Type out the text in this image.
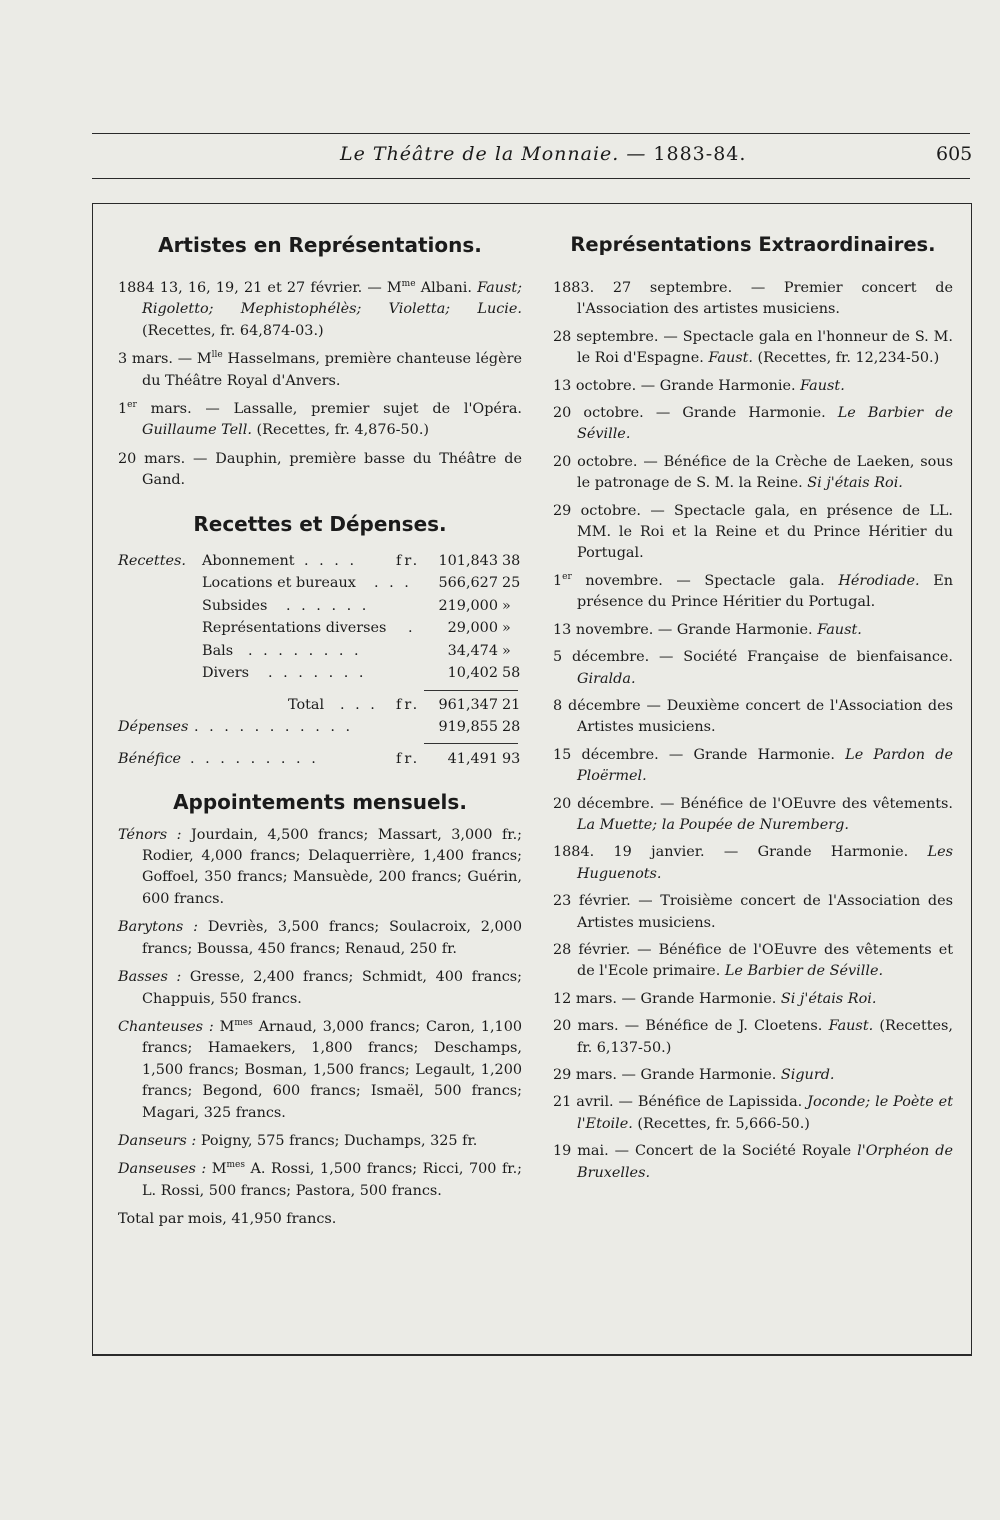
Le Théâtre de la Monnaie. — 1883-84.	605
Artistes en Représentations.
1884 13, 16, 19, 21 et 27 février. — $M^{me}$ Albani. Faust; Rigoletto; Mephistophélès; Violetta; Lucie. (Recettes, fr. 64,874-03.)
3 mars. — $M^{lle}$ Hasselmans, première chanteuse légère du Théâtre Royal d'Anvers.
1er mars. — Lassalle, premier sujet de l'Opéra. Guillaume Tell. (Recettes, fr. 4,876-50.)
20 mars. — Dauphin, première basse du Théâtre de Gand.
Recettes et Dépenses.
Recettes. Abonnement . . . .	fr.	101,843 38
Locations et bureaux . . .	566,627 25
Subsides . . . . . .	219,000 »
Représentations diverses .	29,000 »
Bals . . . . . . . .	34,474 »
Divers . . . . . . .	10,402 58
Total . . . fr.	961,347 21
Dépenses . . . . . . . . . . .	919,855 28
Bénéfice . . . . . . . . .	fr.	41,491 93
Appointements mensuels.
Ténors : Jourdain, 4,500 francs; Massart, 3,000 fr.; Rodier, 4,000 francs; Delaquerrière, 1,400 francs; Goffoel, 350 francs; Mansuède, 200 francs; Guérin, 600 francs.
Barytons : Devriès, 3,500 francs; Soulacroix, 2,000 francs; Boussa, 450 francs; Renaud, 250 fr.
Basses : Gresse, 2,400 francs; Schmidt, 400 francs; Chappuis, 550 francs.
Chanteuses : $M^{mes}$ Arnaud, 3,000 francs; Caron, 1,100 francs; Hamaekers, 1,800 francs; Deschamps, 1,500 francs; Bosman, 1,500 francs; Legault, 1,200 francs; Begond, 600 francs; Ismaël, 500 francs; Magari, 325 francs.
Danseurs : Poigny, 575 francs; Duchamps, 325 fr.
Danseuses : $M^{mes}$ A. Rossi, 1,500 francs; Ricci, 700 fr.; L. Rossi, 500 francs; Pastora, 500 francs.
Total par mois, 41,950 francs.
Représentations Extraordinaires.
1883. 27 septembre. — Premier concert de l'Association des artistes musiciens.
28 septembre. — Spectacle gala en l'honneur de S. M. le Roi d'Espagne. Faust. (Recettes, fr. 12,234-50.)
13 octobre. — Grande Harmonie. Faust.
20 octobre. — Grande Harmonie. Le Barbier de Séville.
20 octobre. — Bénéfice de la Crèche de Laeken, sous le patronage de S. M. la Reine. Si j'étais Roi.
29 octobre. — Spectacle gala, en présence de LL. MM. le Roi et la Reine et du Prince Héritier du Portugal.
1er novembre. — Spectacle gala. Hérodiade. En présence du Prince Héritier du Portugal.
13 novembre. — Grande Harmonie. Faust.
5 décembre. — Société Française de bienfaisance. Giralda.
8 décembre — Deuxième concert de l'Association des Artistes musiciens.
15 décembre. — Grande Harmonie. Le Pardon de Ploërmel.
20 décembre. — Bénéfice de l'OEuvre des vêtements. La Muette; la Poupée de Nuremberg.
1884. 19 janvier. — Grande Harmonie. Les Huguenots.
23 février. — Troisième concert de l'Association des Artistes musiciens.
28 février. — Bénéfice de l'OEuvre des vêtements et de l'Ecole primaire. Le Barbier de Séville.
12 mars. — Grande Harmonie. Si j'étais Roi.
20 mars. — Bénéfice de J. Cloetens. Faust. (Recettes, fr. 6,137-50.)
29 mars. — Grande Harmonie. Sigurd.
21 avril. — Bénéfice de Lapissida. Joconde; le Poète et l'Etoile. (Recettes, fr. 5,666-50.)
19 mai. — Concert de la Société Royale l'Orphéon de Bruxelles.
